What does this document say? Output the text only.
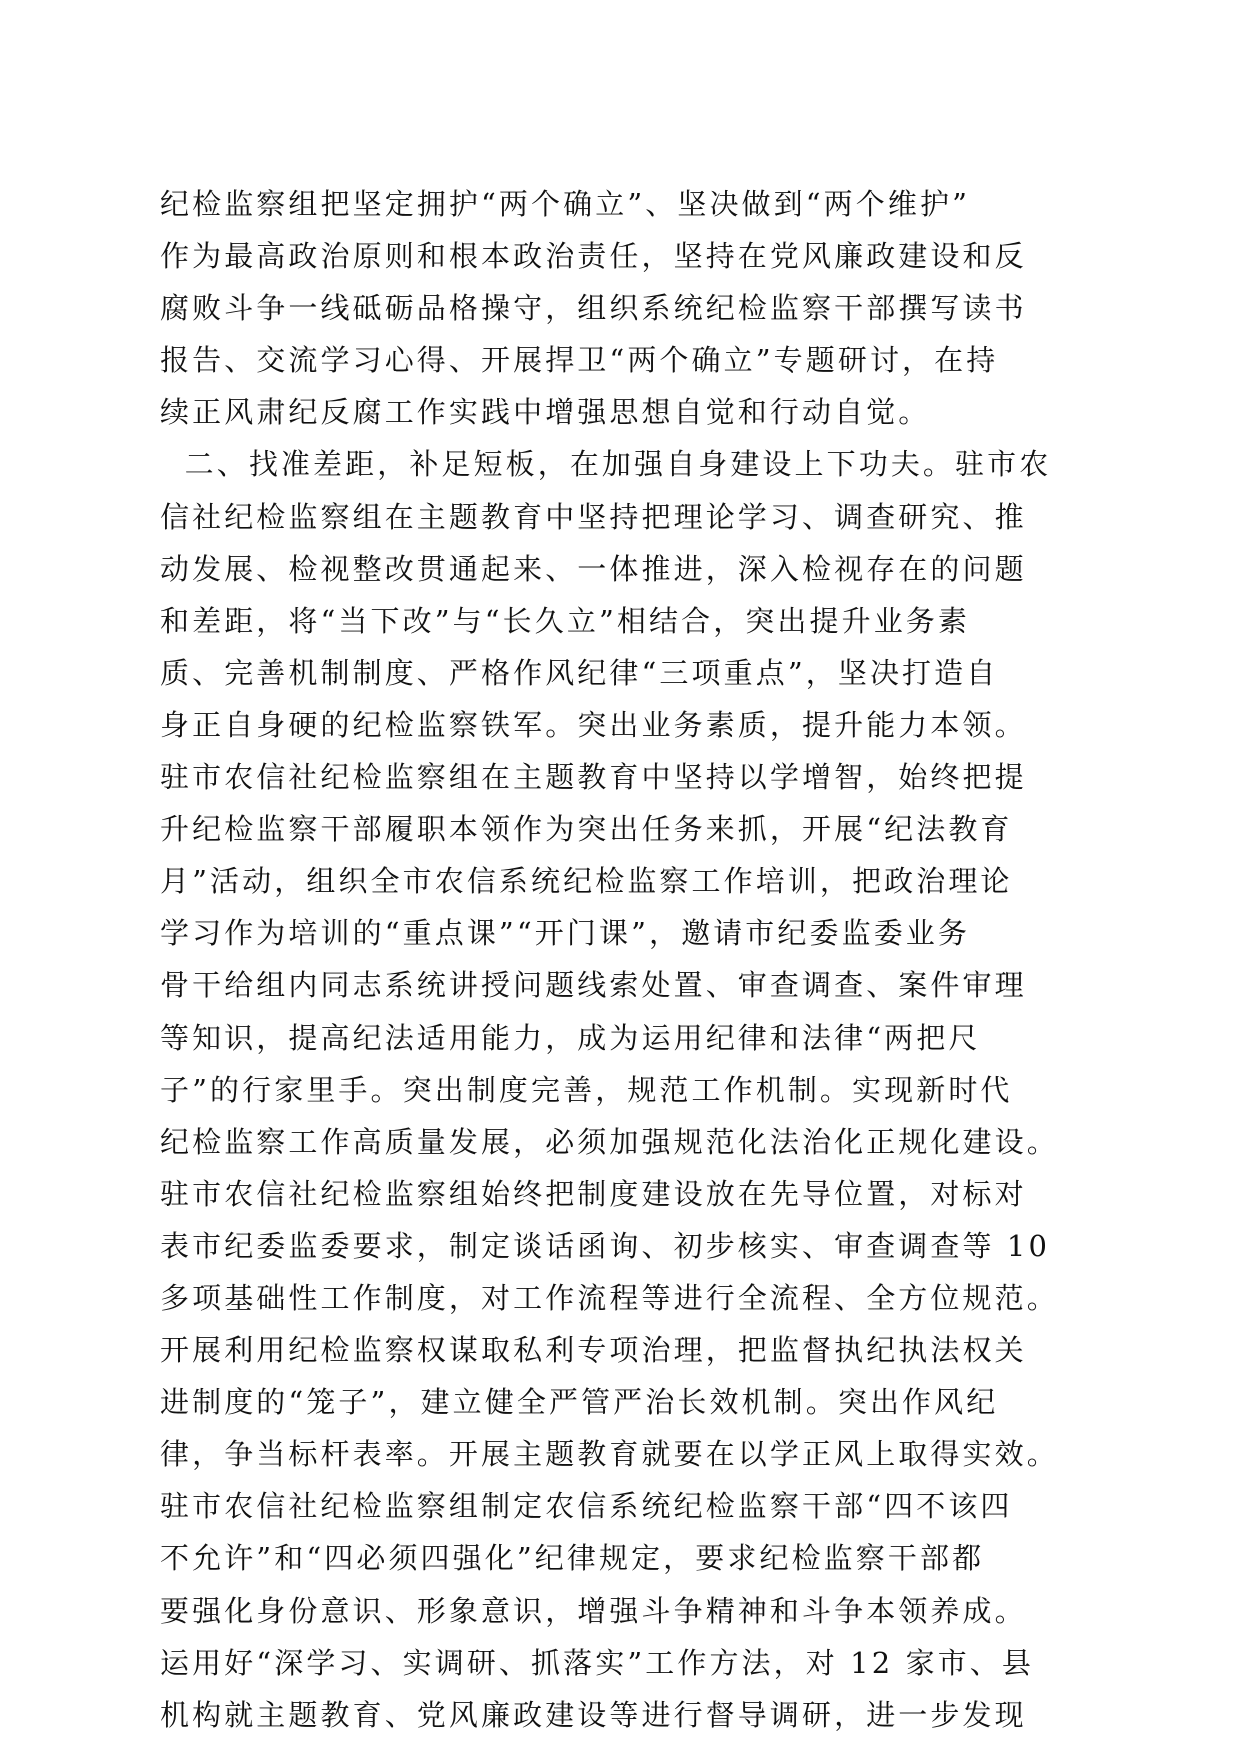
纪检监察组把坚定拥护“两个确立”、坚决做到“两个维护”
作为最高政治原则和根本政治责任，坚持在党风廉政建设和反
腐败斗争一线砥砺品格操守，组织系统纪检监察干部撰写读书
报告、交流学习心得、开展捍卫“两个确立”专题研讨，在持
续正风肃纪反腐工作实践中增强思想自觉和行动自觉。
二、找准差距，补足短板，在加强自身建设上下功夫。驻市农
信社纪检监察组在主题教育中坚持把理论学习、调查研究、推
动发展、检视整改贯通起来、一体推进，深入检视存在的问题
和差距，将“当下改”与“长久立”相结合，突出提升业务素
质、完善机制制度、严格作风纪律“三项重点”，坚决打造自
身正自身硬的纪检监察铁军。突出业务素质，提升能力本领。
驻市农信社纪检监察组在主题教育中坚持以学增智，始终把提
升纪检监察干部履职本领作为突出任务来抓，开展“纪法教育
月”活动，组织全市农信系统纪检监察工作培训，把政治理论
学习作为培训的“重点课”“开门课”，邀请市纪委监委业务
骨干给组内同志系统讲授问题线索处置、审查调查、案件审理
等知识，提高纪法适用能力，成为运用纪律和法律“两把尺
子”的行家里手。突出制度完善，规范工作机制。实现新时代
纪检监察工作高质量发展，必须加强规范化法治化正规化建设。
驻市农信社纪检监察组始终把制度建设放在先导位置，对标对
表市纪委监委要求，制定谈话函询、初步核实、审查调查等 10
多项基础性工作制度，对工作流程等进行全流程、全方位规范。
开展利用纪检监察权谋取私利专项治理，把监督执纪执法权关
进制度的“笼子”，建立健全严管严治长效机制。突出作风纪
律，争当标杆表率。开展主题教育就要在以学正风上取得实效。
驻市农信社纪检监察组制定农信系统纪检监察干部“四不该四
不允许”和“四必须四强化”纪律规定，要求纪检监察干部都
要强化身份意识、形象意识，增强斗争精神和斗争本领养成。
运用好“深学习、实调研、抓落实”工作方法，对 12 家市、县
机构就主题教育、党风廉政建设等进行督导调研，进一步发现
